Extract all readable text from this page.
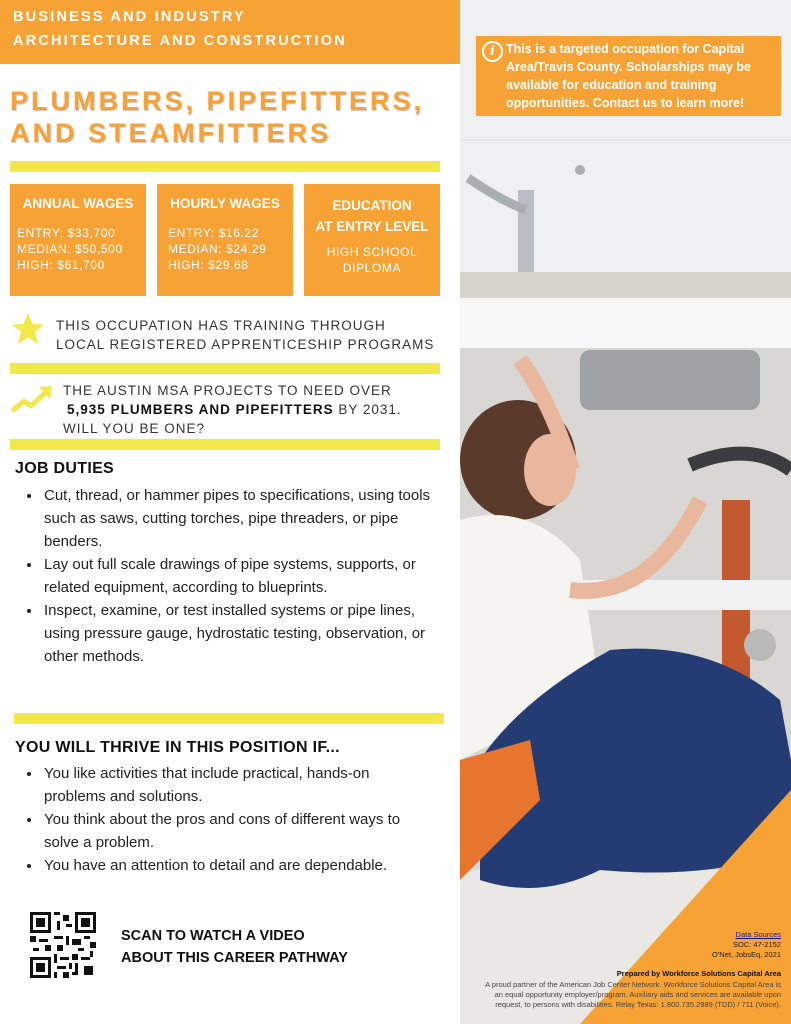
BUSINESS AND INDUSTRY
ARCHITECTURE AND CONSTRUCTION
PLUMBERS, PIPEFITTERS,
AND STEAMFITTERS
ANNUAL WAGES
ENTRY: $33,700
MEDIAN: $50,500
HIGH: $61,700
HOURLY WAGES
ENTRY: $16.22
MEDIAN: $24.29
HIGH: $29.68
EDUCATION
AT ENTRY LEVEL
HIGH SCHOOL
DIPLOMA
THIS OCCUPATION HAS TRAINING THROUGH
LOCAL REGISTERED APPRENTICESHIP PROGRAMS
THE AUSTIN MSA PROJECTS TO NEED OVER
5,935 PLUMBERS AND PIPEFITTERS BY 2031.
WILL YOU BE ONE?
JOB DUTIES
• Cut, thread, or hammer pipes to specifications, using tools such as saws, cutting torches, pipe threaders, or pipe benders.
• Lay out full scale drawings of pipe systems, supports, or related equipment, according to blueprints.
• Inspect, examine, or test installed systems or pipe lines, using pressure gauge, hydrostatic testing, observation, or other methods.
YOU WILL THRIVE IN THIS POSITION IF...
• You like activities that include practical, hands-on problems and solutions.
• You think about the pros and cons of different ways to solve a problem.
• You have an attention to detail and are dependable.
SCAN TO WATCH A VIDEO
ABOUT THIS CAREER PATHWAY
This is a targeted occupation for Capital Area/Travis County. Scholarships may be available for education and training opportunities. Contact us to learn more!
i
Data Sources
SOC: 47-2152
O'Net, JobsEq, 2021
Prepared by Workforce Solutions Capital Area
A proud partner of the American Job Center Network. Workforce Solutions Capital Area is
an equal opportunity employer/program. Auxiliary aids and services are available upon
request, to persons with disabilities. Relay Texas: 1.800.735.2989 (TDD) / 711 (Voice).
